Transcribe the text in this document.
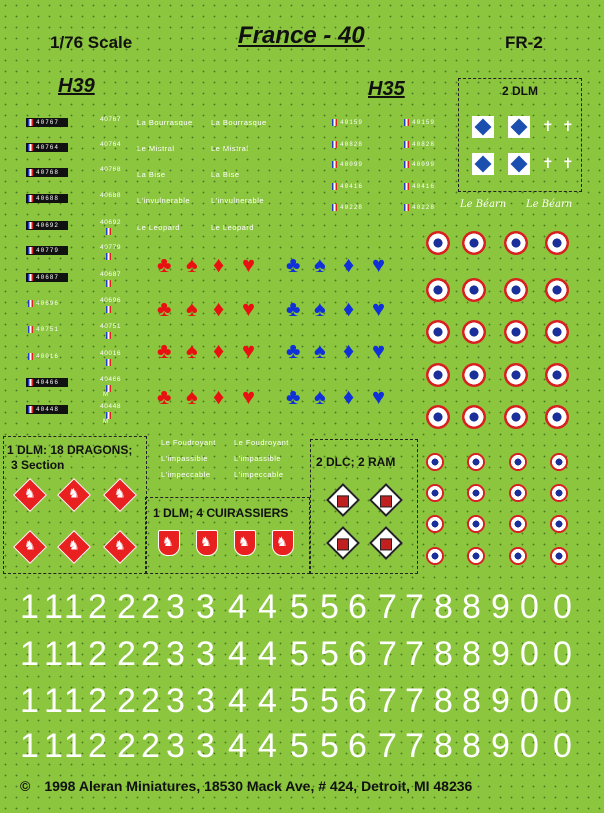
1/76 Scale	France - 40	FR-2
H39	H35	2 DLM
Le Béarn Le Béarn
1 DLM: 18 DRAGONS;
3 Section
1 DLM; 4 CUIRASSIERS
2 DLC; 2 RAM
© 1998 Aleran Miniatures, 18530 Mack Ave, # 424, Detroit, MI 48236
40767	40767
40764	40764
40768	40768
40688	40688
40692	40692
40779	40779
40687	40687
40696	40696
40751	40751
40016	40016
40466	40466
M
40448	40448
M
La Bourrasque La Bourrasque
Le Mistral	Le Mistral
La Bise	La Bise
L'invulnerable	L'invulnerable
Le Leopard	Le Leopard
40159	40159
40828	40828
40099	40099
40416	40416
40228	40228
✝ ✝
✝ ✝
♣ ♠ ♦ ♥ ♣ ♠ ♦ ♥
♣ ♠ ♦ ♥ ♣ ♠ ♦ ♥
♣ ♠ ♦ ♥ ♣ ♠ ♦ ♥
♣ ♠ ♦ ♥ ♣ ♠ ♦ ♥
♞ ♞	♞
♞ ♞	♞
Le Foudroyant Le Foudroyant
L'impassible	L'impassible
L'impeccable	L'impeccable
♞ ♞ ♞ ♞
1 1 1 2 2 2 3 3 4 4 5 5 6 7 7 8 8 9 0 0
1 1 1 2 2 2 3 3 4 4 5 5 6 7 7 8 8 9 0 0
1 1 1 2 2 2 3 3 4 4 5 5 6 7 7 8 8 9 0 0
1 1 1 2 2 2 3 3 4 4 5 5 6 7 7 8 8 9 0 0
